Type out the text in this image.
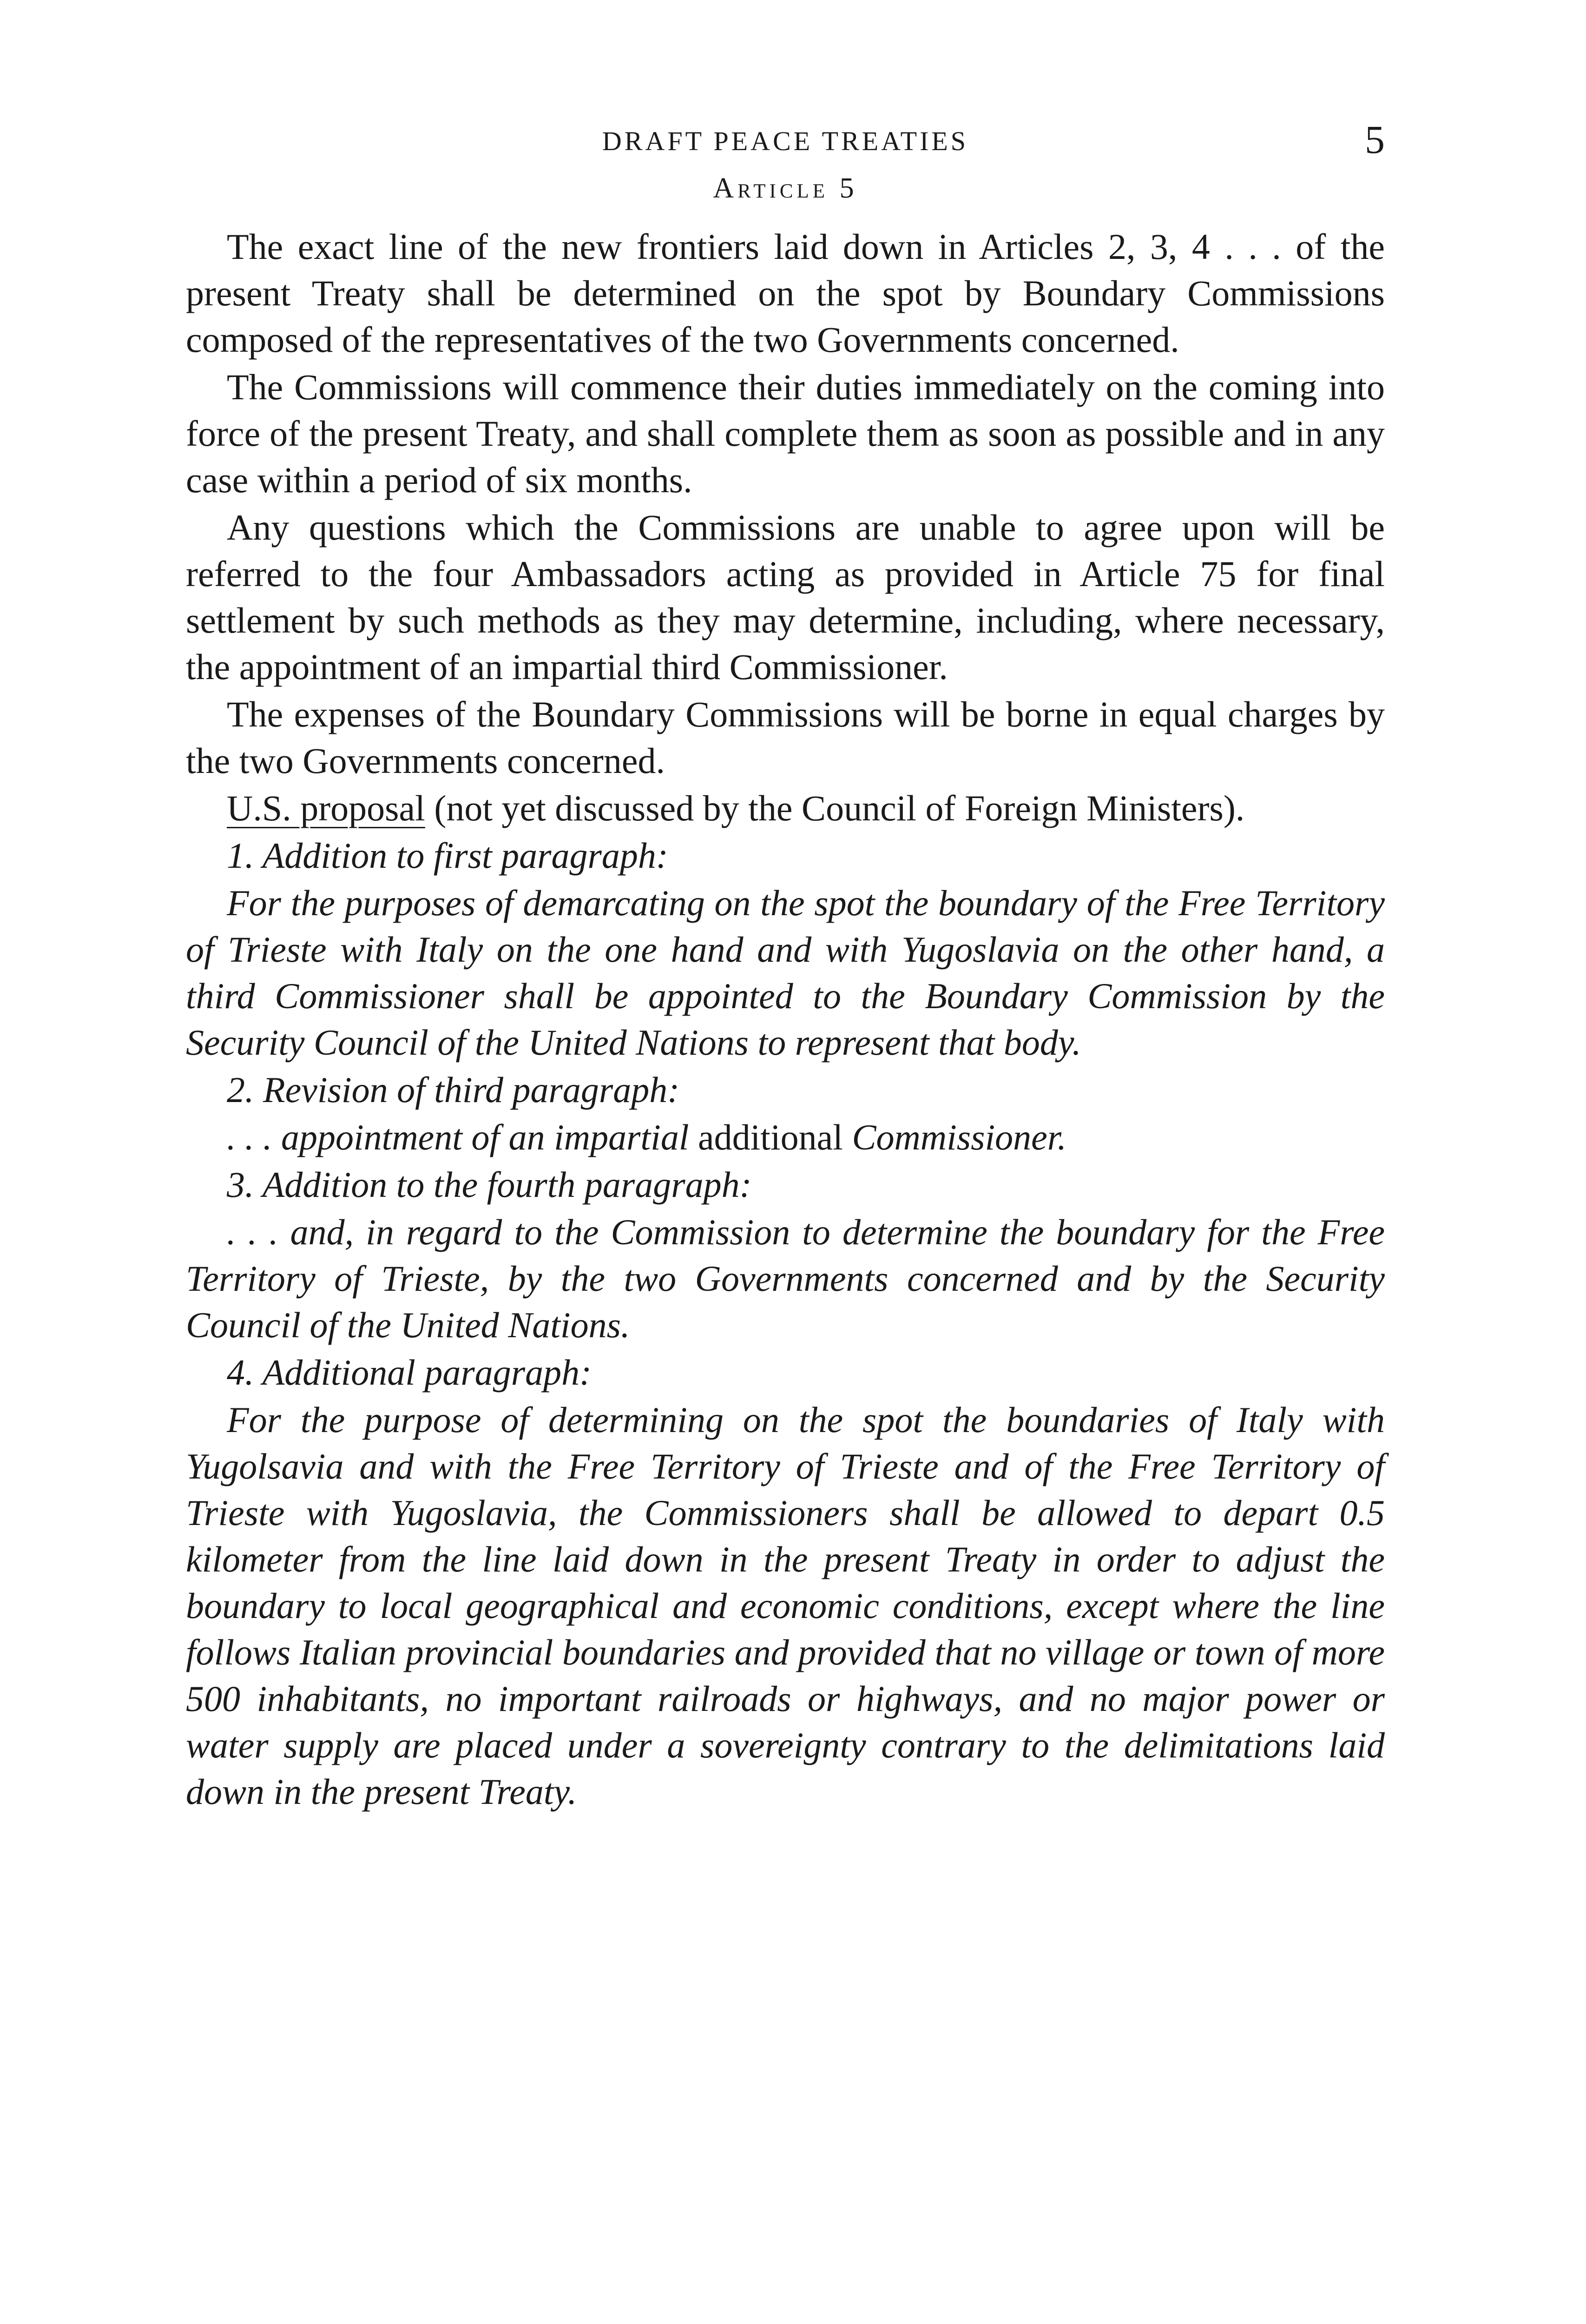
DRAFT PEACE TREATIES	5
Article 5

The exact line of the new frontiers laid down in Articles 2, 3, 4 . . . of the present Treaty shall be determined on the spot by Boundary Commissions composed of the representatives of the two Governments concerned.

The Commissions will commence their duties immediately on the coming into force of the present Treaty, and shall complete them as soon as possible and in any case within a period of six months.

Any questions which the Commissions are unable to agree upon will be referred to the four Ambassadors acting as provided in Article 75 for final settlement by such methods as they may determine, including, where necessary, the appointment of an impartial third Commissioner.

The expenses of the Boundary Commissions will be borne in equal charges by the two Governments concerned.

U.S. proposal (not yet discussed by the Council of Foreign Ministers).

1. Addition to first paragraph:

For the purposes of demarcating on the spot the boundary of the Free Territory of Trieste with Italy on the one hand and with Yugoslavia on the other hand, a third Commissioner shall be appointed to the Boundary Commission by the Security Council of the United Nations to represent that body.

2. Revision of third paragraph:

. . . appointment of an impartial additional Commissioner.

3. Addition to the fourth paragraph:

. . . and, in regard to the Commission to determine the boundary for the Free Territory of Trieste, by the two Governments concerned and by the Security Council of the United Nations.

4. Additional paragraph:

For the purpose of determining on the spot the boundaries of Italy with Yugolsavia and with the Free Territory of Trieste and of the Free Territory of Trieste with Yugoslavia, the Commissioners shall be allowed to depart 0.5 kilometer from the line laid down in the present Treaty in order to adjust the boundary to local geographical and economic conditions, except where the line follows Italian provincial boundaries and provided that no village or town of more 500 inhabitants, no important railroads or highways, and no major power or water supply are placed under a sovereignty contrary to the delimitations laid down in the present Treaty.
